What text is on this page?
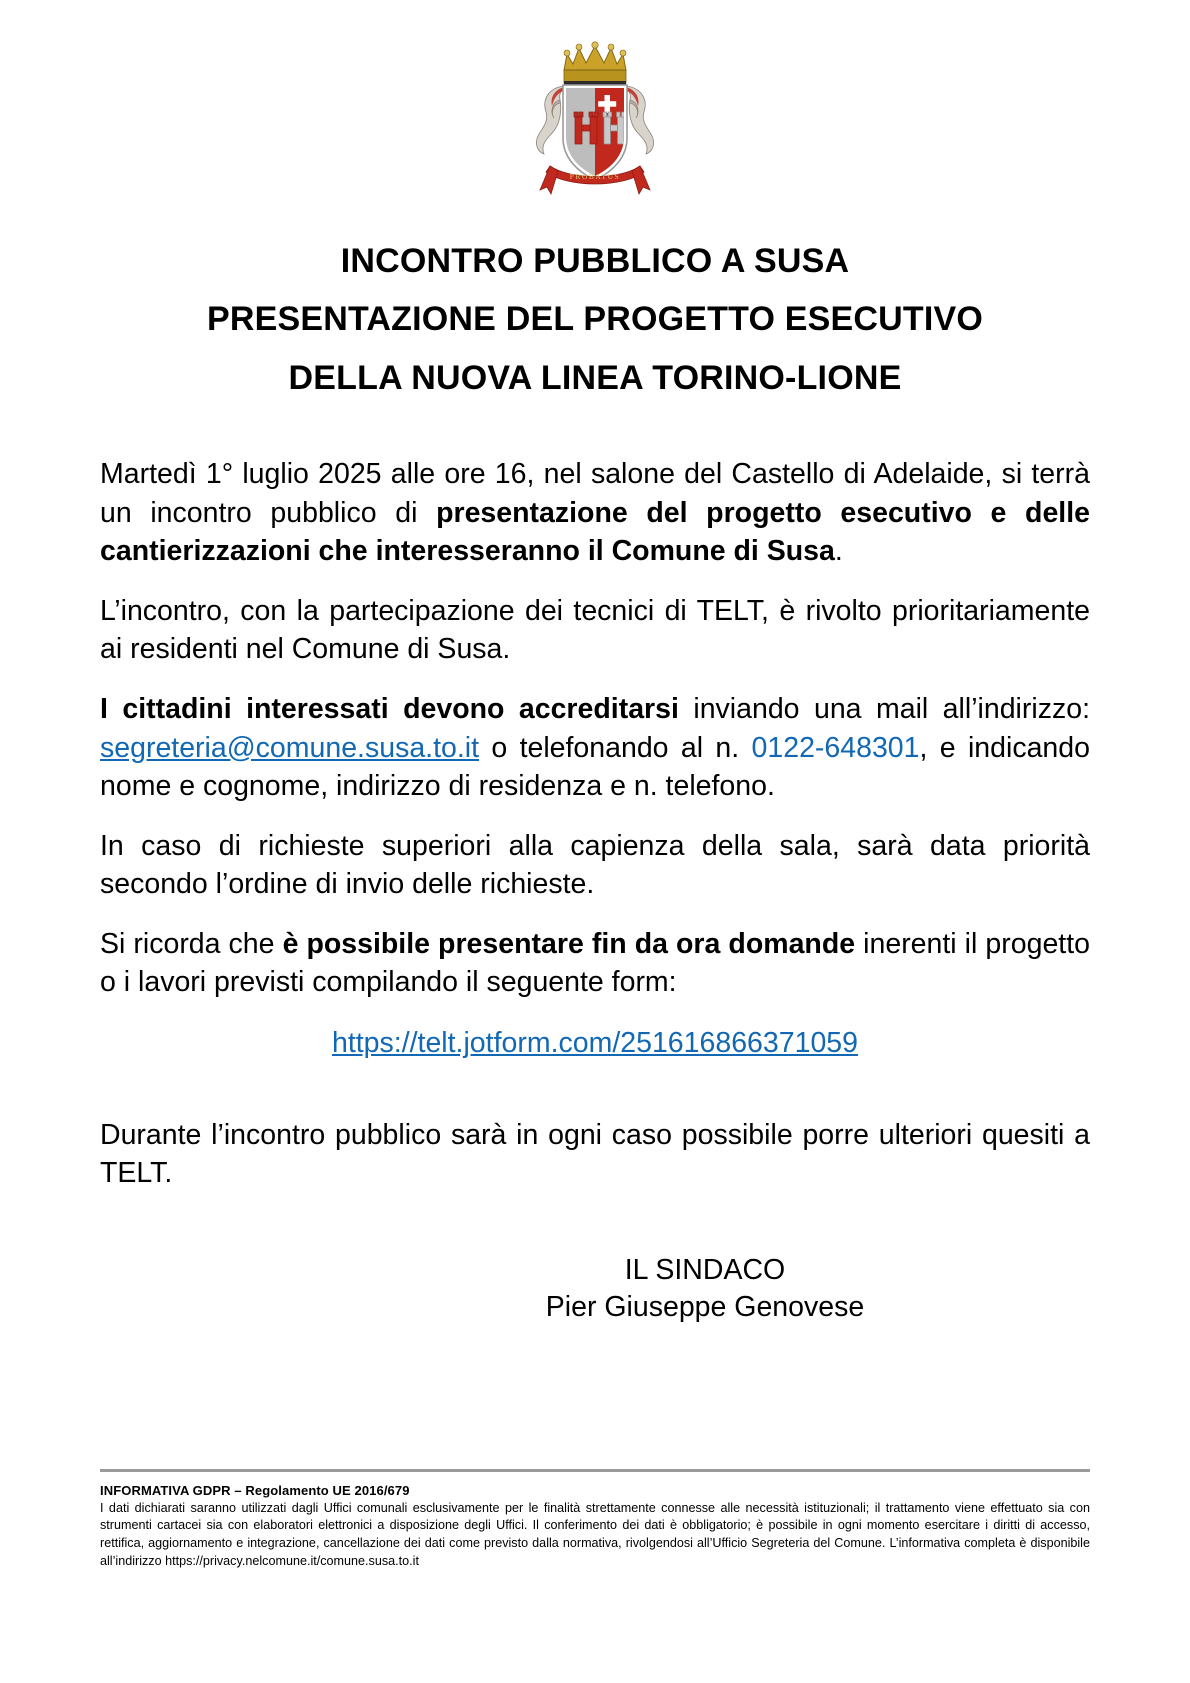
PROBATUS
INCONTRO PUBBLICO A SUSA
PRESENTAZIONE DEL PROGETTO ESECUTIVO
DELLA NUOVA LINEA TORINO-LIONE

Martedì 1° luglio 2025 alle ore 16, nel salone del Castello di Adelaide, si terrà un incontro pubblico di presentazione del progetto esecutivo e delle cantierizzazioni che interesseranno il Comune di Susa.

L’incontro, con la partecipazione dei tecnici di TELT, è rivolto prioritariamente ai residenti nel Comune di Susa.

I cittadini interessati devono accreditarsi inviando una mail all’indirizzo: segreteria@comune.susa.to.it o telefonando al n. 0122-648301, e indicando nome e cognome, indirizzo di residenza e n. telefono.

In caso di richieste superiori alla capienza della sala, sarà data priorità secondo l’ordine di invio delle richieste.

Si ricorda che è possibile presentare fin da ora domande inerenti il progetto o i lavori previsti compilando il seguente form:

https://telt.jotform.com/251616866371059

Durante l’incontro pubblico sarà in ogni caso possibile porre ulteriori quesiti a TELT.

IL SINDACO
Pier Giuseppe Genovese
INFORMATIVA GDPR – Regolamento UE 2016/679
I dati dichiarati saranno utilizzati dagli Uffici comunali esclusivamente per le finalità strettamente connesse alle necessità istituzionali; il trattamento viene effettuato sia con strumenti cartacei sia con elaboratori elettronici a disposizione degli Uffici. Il conferimento dei dati è obbligatorio; è possibile in ogni momento esercitare i diritti di accesso, rettifica, aggiornamento e integrazione, cancellazione dei dati come previsto dalla normativa, rivolgendosi all’Ufficio Segreteria del Comune. L’informativa completa è disponibile all’indirizzo https://privacy.nelcomune.it/comune.susa.to.it
